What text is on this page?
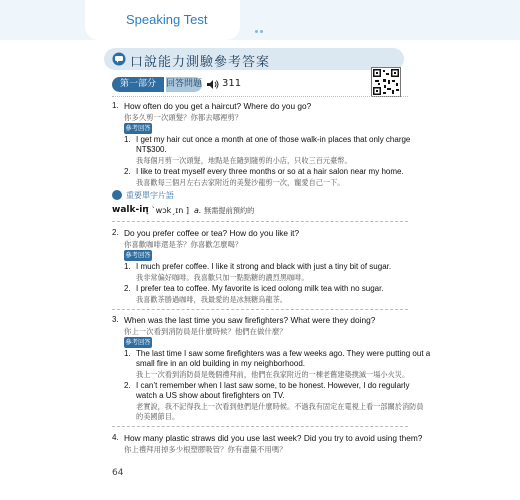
Speaking Test
口說能力測驗參考答案
第一部分	回答問題 311
1. How often do you get a haircut? Where do you go?
你多久剪一次頭髮？你都去哪裡剪？
參考回答
1. I get my hair cut once a month at one of those walk-in places that only charge
NT$300.
我每個月剪一次頭髮，地點是在隨到隨剪的小店，只收三百元臺幣。
2. I like to treat myself every three months or so at a hair salon near my home.
我喜歡每三個月左右去家附近的美髮沙龍剪一次，寵愛自己一下。
重要單字片語
walk-in
[ ˋwɔkˏɪn ] a. 無需提前預約的
2. Do you prefer coffee or tea? How do you like it?
你喜歡咖啡還是茶？你喜歡怎麼喝？
參考回答
1. I much prefer coffee. I like it strong and black with just a tiny bit of sugar.
我非常偏好咖啡。我喜歡只加一點點糖的濃烈黑咖啡。
2. I prefer tea to coffee. My favorite is iced oolong milk tea with no sugar.
我喜歡茶勝過咖啡，我最愛的是冰無糖烏龍茶。
3. When was the last time you saw firefighters? What were they doing?
你上一次看到消防員是什麼時候？他們在做什麼？
參考回答
1. The last time I saw some firefighters was a few weeks ago. They were putting out a
small fire in an old building in my neighborhood.
我上一次看到消防員是幾個禮拜前，他們在我家附近的一棟老舊建築撲滅一場小火災。
2. I can’t remember when I last saw some, to be honest. However, I do regularly
watch a US show about firefighters on TV.
老實說，我不記得我上一次看到他們是什麼時候。不過我有固定在電視上看一部關於消防員
的美國節目。
4. How many plastic straws did you use last week? Did you try to avoid using them?
你上禮拜用掉多少根塑膠吸管？你有盡量不用嗎？
64
